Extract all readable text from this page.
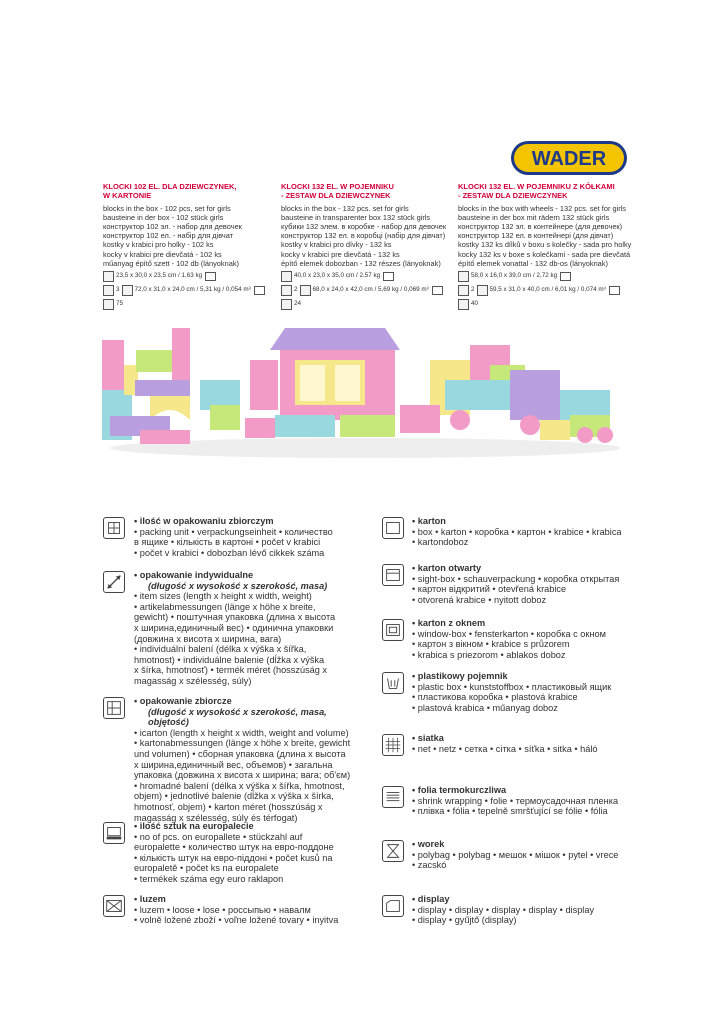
WADER
KLOCKI 102 EL. DLA DZIEWCZYNEK,
W KARTONIE
blocks in the box - 102 pcs, set for girls
bausteine in der box - 102 stück girls
конструктор 102 эл. - набор для девочек
конструктор 102 ел. - набір для дівчат
kostky v krabici pro holky - 102 ks
kocky v krabici pre dievčatá - 102 ks
műanyag építő szett - 102 db (lányoknak)
23,5 x 30,0 x 23,5 cm / 1,63 kg
3 72,0 x 31,0 x 24,0 cm / 5,31 kg / 0,054 m³
75
KLOCKI 132 EL. W POJEMNIKU
- ZESTAW DLA DZIEWCZYNEK
blocks in the box - 132 pcs. set for girls
bausteine in transparenter box 132 stück girls
кубики 132 элем. в коробке - набор для девочек
конструктор 132 ел. в коробці (набір для дівчат)
kostky v krabici pro dívky - 132 ks
kocky v krabici pre dievčatá - 132 ks
építő elemek dobozban - 132 részes (lányoknak)
40,0 x 23,0 x 35,0 cm / 2,57 kg
2 68,0 x 24,0 x 42,0 cm / 5,69 kg / 0,069 m³
24
KLOCKI 132 EL. W POJEMNIKU Z KÓŁKAMI
- ZESTAW DLA DZIEWCZYNEK
blocks in the box with wheels - 132 pcs. set for girls
bausteine in der box mit rädern 132 stück girls
конструктор 132 эл. в контейнере (для девочек)
конструктор 132 ел. в контейнері (для дівчат)
kostky 132 ks dílků v boxu s kolečky - sada pro holky
kocky 132 ks v boxe s kolečkami - sada pre dievčatá
építő elemek vonattal - 132 db-os (lányoknak)
58,0 x 16,0 x 39,0 cm / 2,72 kg
2 59,5 x 31,0 x 40,0 cm / 6,01 kg / 0,074 m³
40
• ilość w opakowaniu zbiorczym
• packing unit • verpackungseinheit • количество
в ящике • кількість в картоні • počet v krabici
• počet v krabici • dobozban lévő cikkek száma
• opakowanie indywidualne
(długość x wysokość x szerokość, masa)
• item sizes (length x height x width, weight)
• artikelabmessungen (länge x höhe x breite,
gewicht) • поштучная упаковка (длина x высота
x ширина,единичный вес) • одинична упаковки
(довжина x висота x ширина, вага)
• individuální balení (délka x výška x šířka,
hmotnost) • individuálne balenie (dĺžka x výška
x šírka, hmotnosť) • termék méret (hosszúság x
magasság x szélesség, súly)
• opakowanie zbiorcze
(długość x wysokość x szerokość, masa, objętość)
• icarton (length x height x width, weight and volume)
• kartonabmessungen (länge x höhe x breite, gewicht
und volumen) • сборная упаковка (длина x высота
x ширина,единичный вес, объемов) • загальна
упаковка (довжина x висота x ширина; вага; об'єм)
• hromadné balení (délka x výška x šířka, hmotnost,
objem) • jednotlivé balenie (dĺžka x výška x šírka,
hmotnosť, objem) • karton méret (hosszúság x
magasság x szélesség, súly és térfogat)
• ilość sztuk na europalecie
• no of pcs. on europallete • stückzahl auf
europalette • количество штук на евро-поддоне
• кількість штук на евро-піддоні • počet kusů na
europaletě • počet ks na europalete
• termékek száma egy euro raklapon
• luzem
• luzem • loose • lose • россыпью • навалм
• volně ložené zboží • voľne ložené tovary • inyitva
• karton
• box • karton • коробка • картон • krabice • krabica
• kartondoboz
• karton otwarty
• sight-box • schauverpackung • коробка открытая
• картон відкритий • otevřená krabice
• otvorená krabice • nyitott doboz
• karton z oknem
• window-box • fensterkarton • коробка с окном
• картон з вікном • krabice s průzorem
• krabica s priezorom • ablakos doboz
• plastikowy pojemnik
• plastic box • kunststoffbox • пластиковый ящик
• пластикова коробка • plastová krabice
• plastová krabica • műanyag doboz
• siatka
• net • netz • сетка • сітка • síťka • sitka • háló
• folia termokurczliwa
• shrink wrapping • folie • термоусадочная пленка
• плівка • fólia • tepelně smršťující se fólie • fólia
• worek
• polybag • polybag • мешок • мішок • pytel • vrece
• zacskó
• display
• display • display • display • display • display
• display • gyűjtő (display)
